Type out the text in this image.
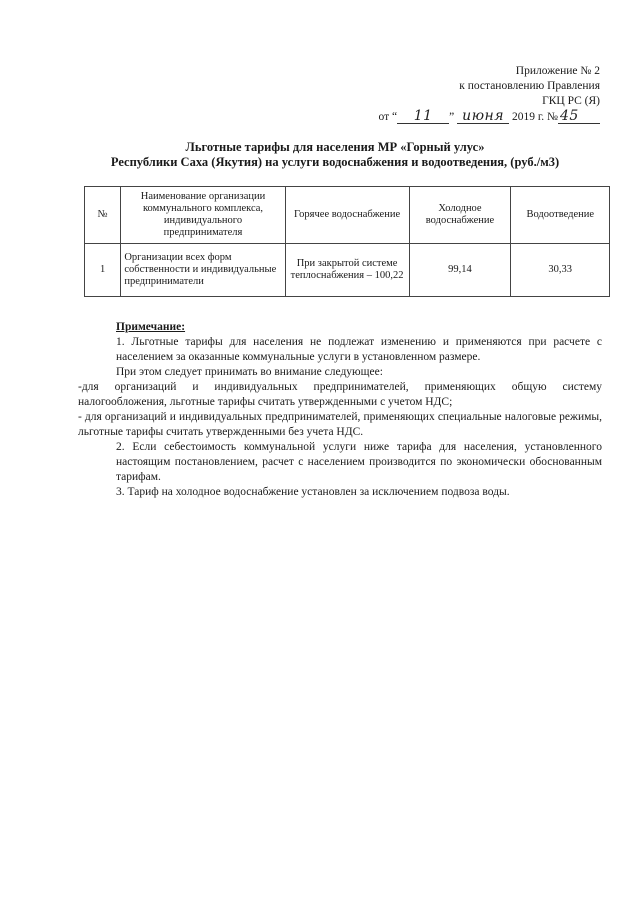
Приложение № 2
к постановлению Правления
ГКЦ РС (Я)
от “ 11 ” июня 2019 г. № 45
Льготные тарифы для населения МР «Горный улус»
Республики Саха (Якутия) на услуги водоснабжения и водоотведения, (руб./м3)
№	Наименование организации коммунального комплекса, индивидуального предпринимателя	Горячее водоснабжение	Холодное водоснабжение	Водоотведение
1	Организации всех форм собственности и индивидуальные предприниматели	При закрытой системе теплоснабжения – 100,22	99,14	30,33

Примечание:

1. Льготные тарифы для населения не подлежат изменению и применяются при расчете с населением за оказанные коммунальные услуги в установленном размере.

При этом следует принимать во внимание следующее:

-для организаций и индивидуальных предпринимателей, применяющих общую систему налогообложения, льготные тарифы считать утвержденными с учетом НДС;

- для организаций и индивидуальных предпринимателей, применяющих специальные налоговые режимы, льготные тарифы считать утвержденными без учета НДС.

2. Если себестоимость коммунальной услуги ниже тарифа для населения, установленного настоящим постановлением, расчет с населением производится по экономически обоснованным тарифам.

3. Тариф на холодное водоснабжение установлен за исключением подвоза воды.
